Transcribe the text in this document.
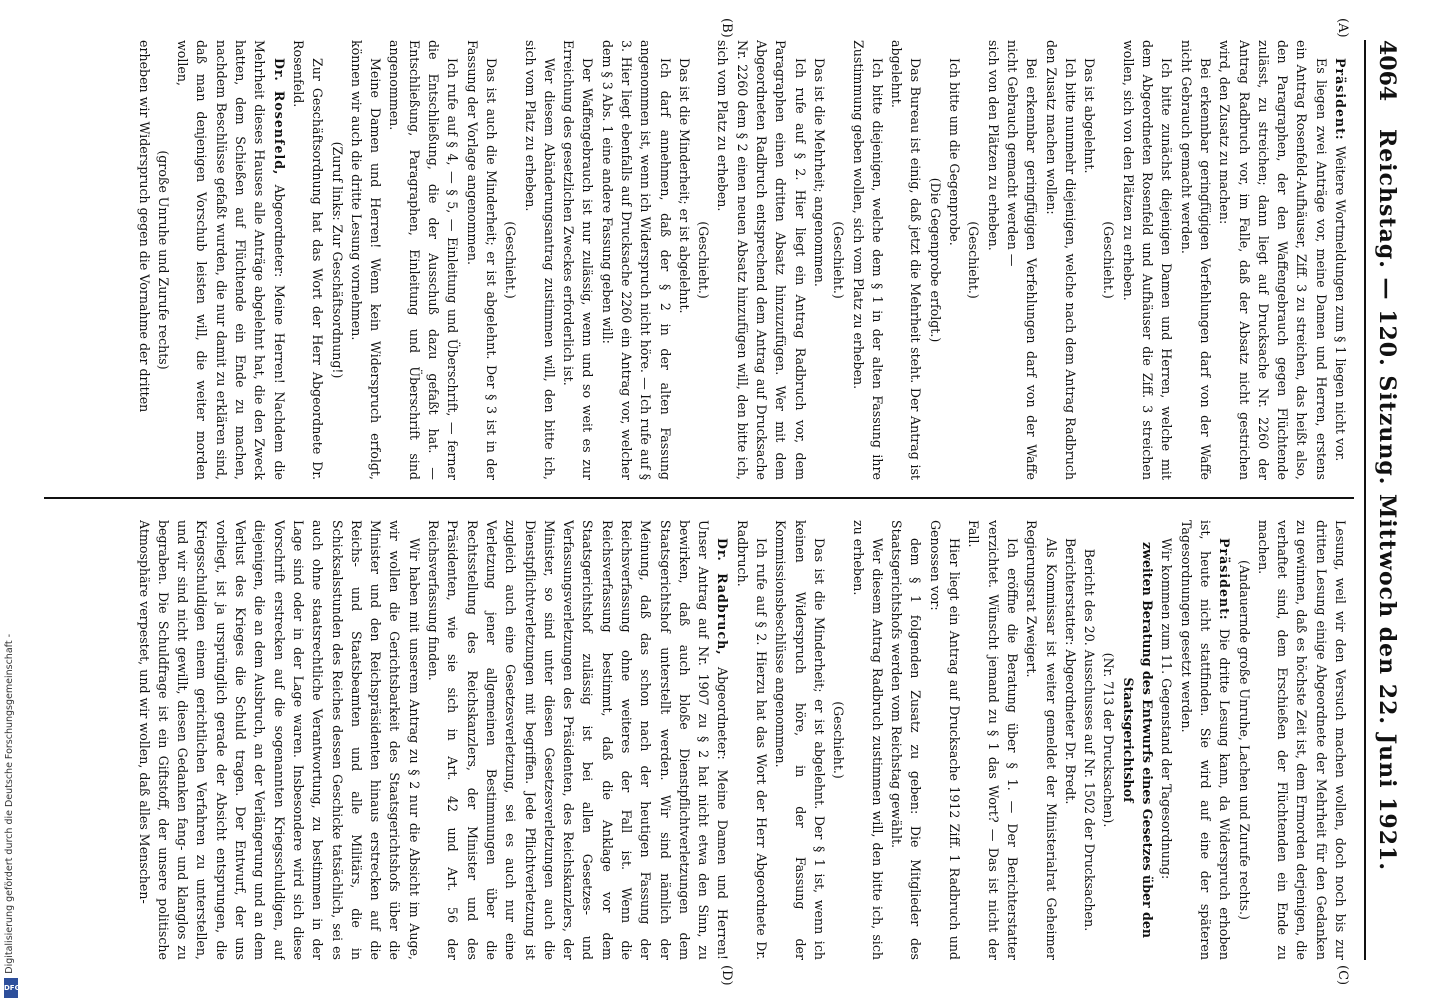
4064
Reichstag. — 120. Sitzung. Mittwoch den 22. Juni 1921.
(A)
(B)
(C)
(D)

Präsident: Weitere Wortmeldungen zum § 1 liegen nicht vor.

Es liegen zwei Anträge vor, meine Damen und Herren, erstens ein Antrag Rosenfeld-Aufhäuser, Ziff. 3 zu streichen, das heißt also, den Paragraphen, der den Waffengebrauch gegen Flüchtende zulässt, zu streichen; dann liegt auf Drucksache Nr. 2260 der Antrag Radbruch vor, im Falle, daß der Absatz nicht gestrichen wird, den Zusatz zu machen:

Bei erkennbar geringfügigen Verfehlungen darf von der Waffe nicht Gebrauch gemacht werden.

Ich bitte zunächst diejenigen Damen und Herren, welche mit dem Abgeordneten Rosenfeld und Aufhäuser die Ziff. 3 streichen wollen, sich von den Plätzen zu erheben.

(Geschieht.)

Das ist abgelehnt.

Ich bitte nunmehr diejenigen, welche nach dem Antrag Radbruch den Zusatz machen wollen:

Bei erkennbar geringfügigen Verfehlungen darf von der Waffe nicht Gebrauch gemacht werden —

sich von den Plätzen zu erheben.

(Geschieht.)

Ich bitte um die Gegenprobe.

(Die Gegenprobe erfolgt.)

Das Bureau ist einig, daß jetzt die Mehrheit steht. Der Antrag ist abgelehnt.

Ich bitte diejenigen, welche dem § 1 in der alten Fassung ihre Zustimmung geben wollen, sich vom Platz zu erheben.

(Geschieht.)

Das ist die Mehrheit; angenommen.

Ich rufe auf § 2. Hier liegt ein Antrag Radbruch vor, dem Paragraphen einen dritten Absatz hinzuzufügen. Wer mit dem Abgeordneten Radbruch entsprechend dem Antrag auf Drucksache Nr. 2260 dem § 2 einen neuen Absatz hinzufügen will, den bitte ich, sich vom Platz zu erheben.

(Geschieht.)

Das ist die Minderheit; er ist abgelehnt.

Ich darf annehmen, daß der § 2 in der alten Fassung angenommen ist, wenn ich Widerspruch nicht höre. — Ich rufe auf § 3. Hier liegt ebenfalls auf Drucksache 2260 ein Antrag vor, welcher dem § 3 Abs. 1 eine andere Fassung geben will:

Der Waffengebrauch ist nur zulässig, wenn und so weit es zur Erreichung des gesetzlichen Zweckes erforderlich ist.

Wer diesem Abänderungsantrag zustimmen will, den bitte ich, sich vom Platz zu erheben.

(Geschieht.)

Das ist auch die Minderheit; er ist abgelehnt. Der § 3 ist in der Fassung der Vorlage angenommen.

Ich rufe auf § 4, — § 5, — Einleitung und Überschrift, — ferner die Entschließung, die der Ausschuß dazu gefaßt hat. — Entschließung, Paragraphen, Einleitung und Überschrift sind angenommen.

Meine Damen und Herren! Wenn kein Widerspruch erfolgt, können wir auch die dritte Lesung vornehmen.

(Zuruf links: Zur Geschäftsordnung!)

Zur Geschäftsordnung hat das Wort der Herr Abgeordnete Dr. Rosenfeld.

Dr. Rosenfeld, Abgeordneter: Meine Herren! Nachdem die Mehrheit dieses Hauses alle Anträge abgelehnt hat, die den Zweck hatten, dem Schießen auf Flüchtende ein Ende zu machen, nachdem Beschlüsse gefaßt wurden, die nur damit zu erklären sind, daß man denjenigen Vorschub leisten will, die weiter morden wollen,

(große Unruhe und Zurufe rechts)

erheben wir Widerspruch gegen die Vornahme der dritten

Lesung, weil wir den Versuch machen wollen, doch noch bis zur dritten Lesung einige Abgeordnete der Mehrheit für den Gedanken zu gewinnen, daß es höchste Zeit ist, dem Ermorden derjenigen, die verhaftet sind, dem Erschießen der Flüchtenden ein Ende zu machen.

(Andauernde große Unruhe, Lachen und Zurufe rechts.)

Präsident: Die dritte Lesung kann, da Widerspruch erhoben ist, heute nicht stattfinden. Sie wird auf eine der späteren Tagesordnungen gesetzt werden.

Wir kommen zum 11. Gegenstand der Tagesordnung:

zweiten Beratung des Entwurfs eines Gesetzes über den Staatsgerichtshof

(Nr. 713 der Drucksachen).

Bericht des 20. Ausschusses auf Nr. 1502 der Drucksachen.

Berichterstatter: Abgeordneter Dr. Bredt.

Als Kommissar ist weiter gemeldet der Ministerialrat Geheimer Regierungsrat Zweigert.

Ich eröffne die Beratung über § 1. — Der Berichterstatter verzichtet. Wünscht jemand zu § 1 das Wort? — Das ist nicht der Fall.

Hier liegt ein Antrag auf Drucksache 1912 Ziff. 1 Radbruch und Genossen vor:

dem § 1 folgenden Zusatz zu geben: Die Mitglieder des Staatsgerichtshofs werden vom Reichstag gewählt.

Wer diesem Antrag Radbruch zustimmen will, den bitte ich, sich zu erheben.

(Geschieht.)

Das ist die Minderheit; er ist abgelehnt. Der § 1 ist, wenn ich keinen Widerspruch höre, in der Fassung der Kommissionsbeschlüsse angenommen.

Ich rufe auf § 2. Hierzu hat das Wort der Herr Abgeordnete Dr. Radbruch.

Dr. Radbruch, Abgeordneter: Meine Damen und Herren! Unser Antrag auf Nr. 1907 zu § 2 hat nicht etwa den Sinn, zu bewirken, daß auch bloße Dienstpflichtverletzungen dem Staatsgerichtshof unterstellt werden. Wir sind nämlich der Meinung, daß das schon nach der heutigen Fassung der Reichsverfassung ohne weiteres der Fall ist. Wenn die Reichsverfassung bestimmt, daß die Anklage vor dem Staatsgerichtshof zulässig ist bei allen Gesetzes- und Verfassungsverletzungen des Präsidenten, des Reichskanzlers, der Minister, so sind unter diesen Gesetzesverletzungen auch die Dienstpflichtverletzungen mit begriffen. Jede Pflichtverletzung ist zugleich auch eine Gesetzesverletzung, sei es auch nur eine Verletzung jener allgemeinen Bestimmungen über die Rechtsstellung des Reichskanzlers, der Minister und des Präsidenten, wie sie sich in Art. 42 und Art. 56 der Reichsverfassung finden.

Wir haben mit unserem Antrag zu § 2 nur die Absicht im Auge, wir wollen die Gerichtsbarkeit des Staatsgerichtshofs über die Minister und den Reichspräsidenten hinaus erstrecken auf die Reichs- und Staatsbeamten und alle Militärs, die in Schicksalsstunden des Reiches dessen Geschicke tatsächlich, sei es auch ohne staatsrechtliche Verantwortung, zu bestimmen in der Lage sind oder in der Lage waren. Insbesondere wird sich diese Vorschrift erstrecken auf die sogenannten Kriegsschuldigen, auf diejenigen, die an dem Ausbruch, an der Verlängerung und an dem Verlust des Krieges die Schuld tragen. Der Entwurf, der uns vorliegt, ist ja ursprünglich gerade der Absicht entsprungen, die Kriegsschuldigen einem gerichtlichen Verfahren zu unterstellen, und wir sind nicht gewillt, diesen Gedanken fang- und klanglos zu begraben. Die Schuldfrage ist ein Giftstoff, der unsere politische Atmosphäre verpestet, und wir wollen, daß alles Menschen-

Digitalisierung gefördert durch die Deutsche Forschungsgemeinschaft -
DFG
